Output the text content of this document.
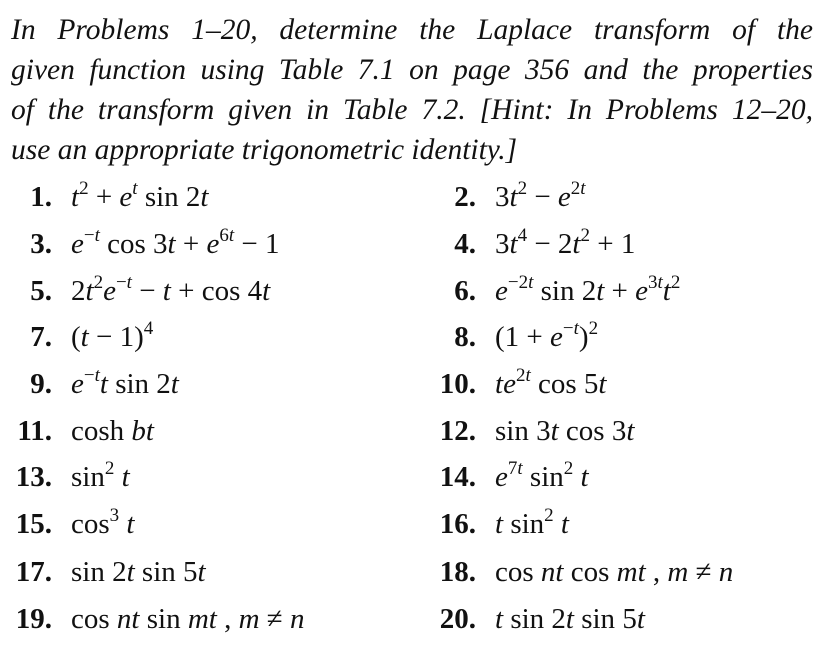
In Problems 1–20, determine the Laplace transform of the
given function using Table 7.1 on page 356 and the properties
of the transform given in Table 7.2. [Hint: In Problems 12–20,

use an appropriate trigonometric identity.]

1. $t^2 + e^t$ sin 2t	2. $3t^2 - e^{2t}$
3. $e^{-t}$ $\cos 3t + e^{6t} - 1$	4. $3t^4 - 2t^2 + 1$
5. $2t^2e^{-t} - t + \cos 4t$	6. $e^{-2t}$ $\sin 2t + e^{3t}t^2$
7. $(t - 1)^4$	8. $(1 + e^{-t})^2$
9. $e^{-t}t$ sin 2t	10. $te^{2t}$ cos 5t
11. cosh bt	12. sin 3t cos 3t
13. $\sin^2 t$	14. $e^{7t}$ $\sin^2 t$
15. $\cos^3 t$	16. t $\sin^2 t$
17. sin 2t sin 5t	18. cos nt cos mt , m ≠ n
19. cos nt sin mt , m ≠ n	20. t sin 2t sin 5t
